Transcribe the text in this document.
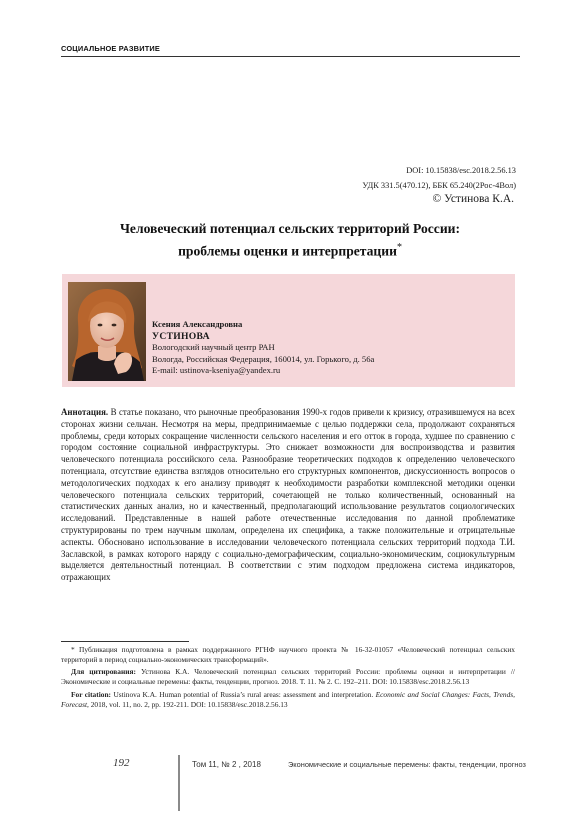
СОЦИАЛЬНОЕ РАЗВИТИЕ
DOI: 10.15838/esc.2018.2.56.13
УДК 331.5(470.12), ББК 65.240(2Рос-4Вол)
© Устинова К.А.
Человеческий потенциал сельских территорий России:
проблемы оценки и интерпретации*
Ксения Александровна
УСТИНОВА
Вологодский научный центр РАН
Вологда, Российская Федерация, 160014, ул. Горького, д. 56а
E-mail: ustinova-kseniya@yandex.ru
Аннотация. В статье показано, что рыночные преобразования 1990-х годов привели к кризису, отразившемуся на всех сторонах жизни сельчан. Несмотря на меры, предпринимаемые с целью поддержки села, продолжают сохраняться проблемы, среди которых сокращение численности сельского населения и его отток в города, худшее по сравнению с городом состояние социальной инфраструктуры. Это снижает возможности для воспроизводства и развития человеческого потенциала российского села. Разнообразие теоретических подходов к определению человеческого потенциала, отсутствие единства взглядов относительно его структурных компонентов, дискуссионность вопросов о методологических подходах к его анализу приводят к необходимости разработки комплексной методики оценки человеческого потенциала сельских территорий, сочетающей не только количественный, основанный на статистических данных анализ, но и качественный, предполагающий использование результатов социологических исследований. Представленные в нашей работе отечественные исследования по данной проблематике структурированы по трем научным школам, определена их специфика, а также положительные и отрицательные аспекты. Обосновано использование в исследовании человеческого потенциала сельских территорий подхода Т.И. Заславской, в рамках которого наряду с социально-демографическим, социально-экономическим, социокультурным выделяется деятельностный потенциал. В соответствии с этим подходом предложена система индикаторов, отражающих

* Публикация подготовлена в рамках поддержанного РГНФ научного проекта № 16-32-01057 «Человеческий потенциал сельских территорий в период социально-экономических трансформаций».

Для цитирования: Устинова К.А. Человеческий потенциал сельских территорий России: проблемы оценки и интерпретации // Экономические и социальные перемены: факты, тенденции, прогноз. 2018. Т. 11. № 2. С. 192–211. DOI: 10.15838/esc.2018.2.56.13

For citation: Ustinova K.A. Human potential of Russia’s rural areas: assessment and interpretation. Economic and Social Changes: Facts, Trends, Forecast, 2018, vol. 11, no. 2, pp. 192-211. DOI: 10.15838/esc.2018.2.56.13

192	Том 11, № 2 , 2018	Экономические и социальные перемены: факты, тенденции, прогноз
